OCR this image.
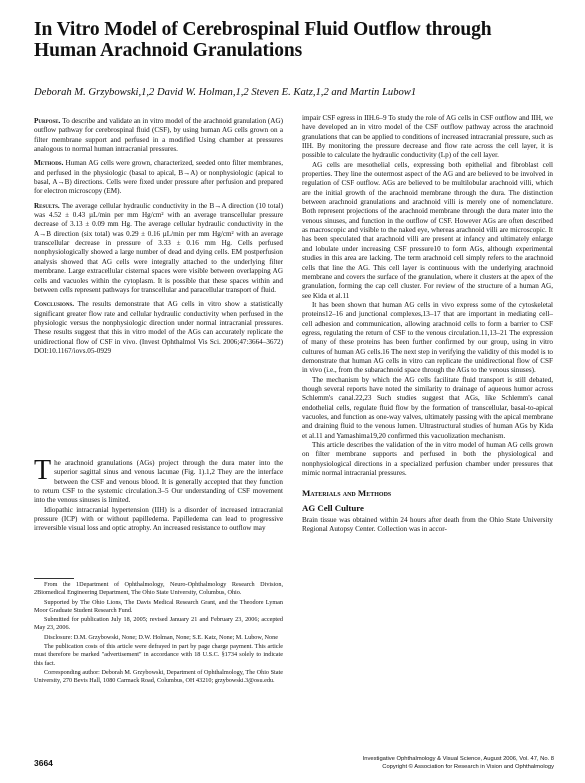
In Vitro Model of Cerebrospinal Fluid Outflow through Human Arachnoid Granulations
Deborah M. Grzybowski,1,2 David W. Holman,1,2 Steven E. Katz,1,2 and Martin Lubow1

Purpose. To describe and validate an in vitro model of the arachnoid granulation (AG) outflow pathway for cerebrospinal fluid (CSF), by using human AG cells grown on a filter membrane support and perfused in a modified Using chamber at pressures analogous to normal human intracranial pressures.

Methods. Human AG cells were grown, characterized, seeded onto filter membranes, and perfused in the physiologic (basal to apical, B→A) or nonphysiologic (apical to basal, A→B) directions. Cells were fixed under pressure after perfusion and prepared for electron microscopy (EM).

Results. The average cellular hydraulic conductivity in the B→A direction (10 total) was 4.52 ± 0.43 µL/min per mm Hg/cm² with an average transcellular pressure decrease of 3.13 ± 0.09 mm Hg. The average cellular hydraulic conductivity in the A→B direction (six total) was 0.29 ± 0.16 µL/min per mm Hg/cm² with an average transcellular decrease in pressure of 3.33 ± 0.16 mm Hg. Cells perfused nonphysiologically showed a large number of dead and dying cells. EM postperfusion analysis showed that AG cells were integrally attached to the underlying filter membrane. Large extracellular cisternal spaces were visible between overlapping AG cells and vacuoles within the cytoplasm. It is possible that these spaces within and between cells represent pathways for transcellular and paracellular transport of fluid.

Conclusions. The results demonstrate that AG cells in vitro show a statistically significant greater flow rate and cellular hydraulic conductivity when perfused in the physiologic versus the nonphysiologic direction under normal intracranial pressures. These results suggest that this in vitro model of the AGs can accurately replicate the unidirectional flow of CSF in vivo. (Invest Ophthalmol Vis Sci. 2006;47:3664–3672) DOI:10.1167/iovs.05-0929

The arachnoid granulations (AGs) project through the dura mater into the superior sagittal sinus and venous lacunae (Fig. 1).1,2 They are the interface between the CSF and venous blood. It is generally accepted that they function to return CSF to the systemic circulation.3–5 Our understanding of CSF movement into the venous sinuses is limited.

Idiopathic intracranial hypertension (IIH) is a disorder of increased intracranial pressure (ICP) with or without papilledema. Papilledema can lead to progressive irreversible visual loss and optic atrophy. An increased resistance to outflow may

From the 1Department of Ophthalmology, Neuro-Ophthalmology Research Division, 2Biomedical Engineering Department, The Ohio State University, Columbus, Ohio.

Supported by The Ohio Lions, The Davis Medical Research Grant, and the Theodore Lyman Moor Graduate Student Research Fund.

Submitted for publication July 18, 2005; revised January 21 and February 23, 2006; accepted May 23, 2006.

Disclosure: D.M. Grzybowski, None; D.W. Holman, None; S.E. Katz, None; M. Lubow, None

The publication costs of this article were defrayed in part by page charge payment. This article must therefore be marked "advertisement" in accordance with 18 U.S.C. §1734 solely to indicate this fact.

Corresponding author: Deborah M. Grzybowski, Department of Ophthalmology, The Ohio State University, 270 Bevis Hall, 1080 Carmack Road, Columbus, OH 43210; grzybowski.3@osu.edu.

impair CSF egress in IIH.6–9 To study the role of AG cells in CSF outflow and IIH, we have developed an in vitro model of the CSF outflow pathway across the arachnoid granulations that can be applied to conditions of increased intracranial pressure, such as IIH. By monitoring the pressure decrease and flow rate across the cell layer, it is possible to calculate the hydraulic conductivity (Lp) of the cell layer.

AG cells are mesothelial cells, expressing both epithelial and fibroblast cell properties. They line the outermost aspect of the AG and are believed to be involved in regulation of CSF outflow. AGs are believed to be multilobular arachnoid villi, which are the initial growth of the arachnoid membrane through the dura. The distinction between arachnoid granulations and arachnoid villi is merely one of nomenclature. Both represent projections of the arachnoid membrane through the dura mater into the venous sinuses, and function in the outflow of CSF. However AGs are often described as macroscopic and visible to the naked eye, whereas arachnoid villi are microscopic. It has been speculated that arachnoid villi are present at infancy and ultimately enlarge and lobulate under increasing CSF pressure10 to form AGs, although experimental studies in this area are lacking. The term arachnoid cell simply refers to the arachnoid cells that line the AG. This cell layer is continuous with the underlying arachnoid membrane and covers the surface of the granulation, where it clusters at the apex of the granulation, forming the cap cell cluster. For review of the structure of a human AG, see Kida et al.11

It has been shown that human AG cells in vivo express some of the cytoskeletal proteins12–16 and junctional complexes,13–17 that are important in mediating cell–cell adhesion and communication, allowing arachnoid cells to form a barrier to CSF egress, regulating the return of CSF to the venous circulation.11,13–21 The expression of many of these proteins has been further confirmed by our group, using in vitro cultures of human AG cells.16 The next step in verifying the validity of this model is to demonstrate that human AG cells in vitro can replicate the unidirectional flow of CSF in vivo (i.e., from the subarachnoid space through the AGs to the venous sinuses).

The mechanism by which the AG cells facilitate fluid transport is still debated, though several reports have noted the similarity to drainage of aqueous humor across Schlemm's canal.22,23 Such studies suggest that AGs, like Schlemm's canal endothelial cells, regulate fluid flow by the formation of transcellular, basal-to-apical vacuoles, and function as one-way valves, ultimately passing with the apical membrane and draining fluid to the venous lumen. Ultrastructural studies of human AGs by Kida et al.11 and Yamashima19,20 confirmed this vacuolization mechanism.

This article describes the validation of the in vitro model of human AG cells grown on filter membrane supports and perfused in both the physiological and nonphysiological directions in a specialized perfusion chamber under pressures that mimic normal intracranial pressures.

Materials and Methods
AG Cell Culture

Brain tissue was obtained within 24 hours after death from the Ohio State University Regional Autopsy Center. Collection was in accor-

3664	Investigative Ophthalmology & Visual Science, August 2006, Vol. 47, No. 8
Copyright © Association for Research in Vision and Ophthalmology
